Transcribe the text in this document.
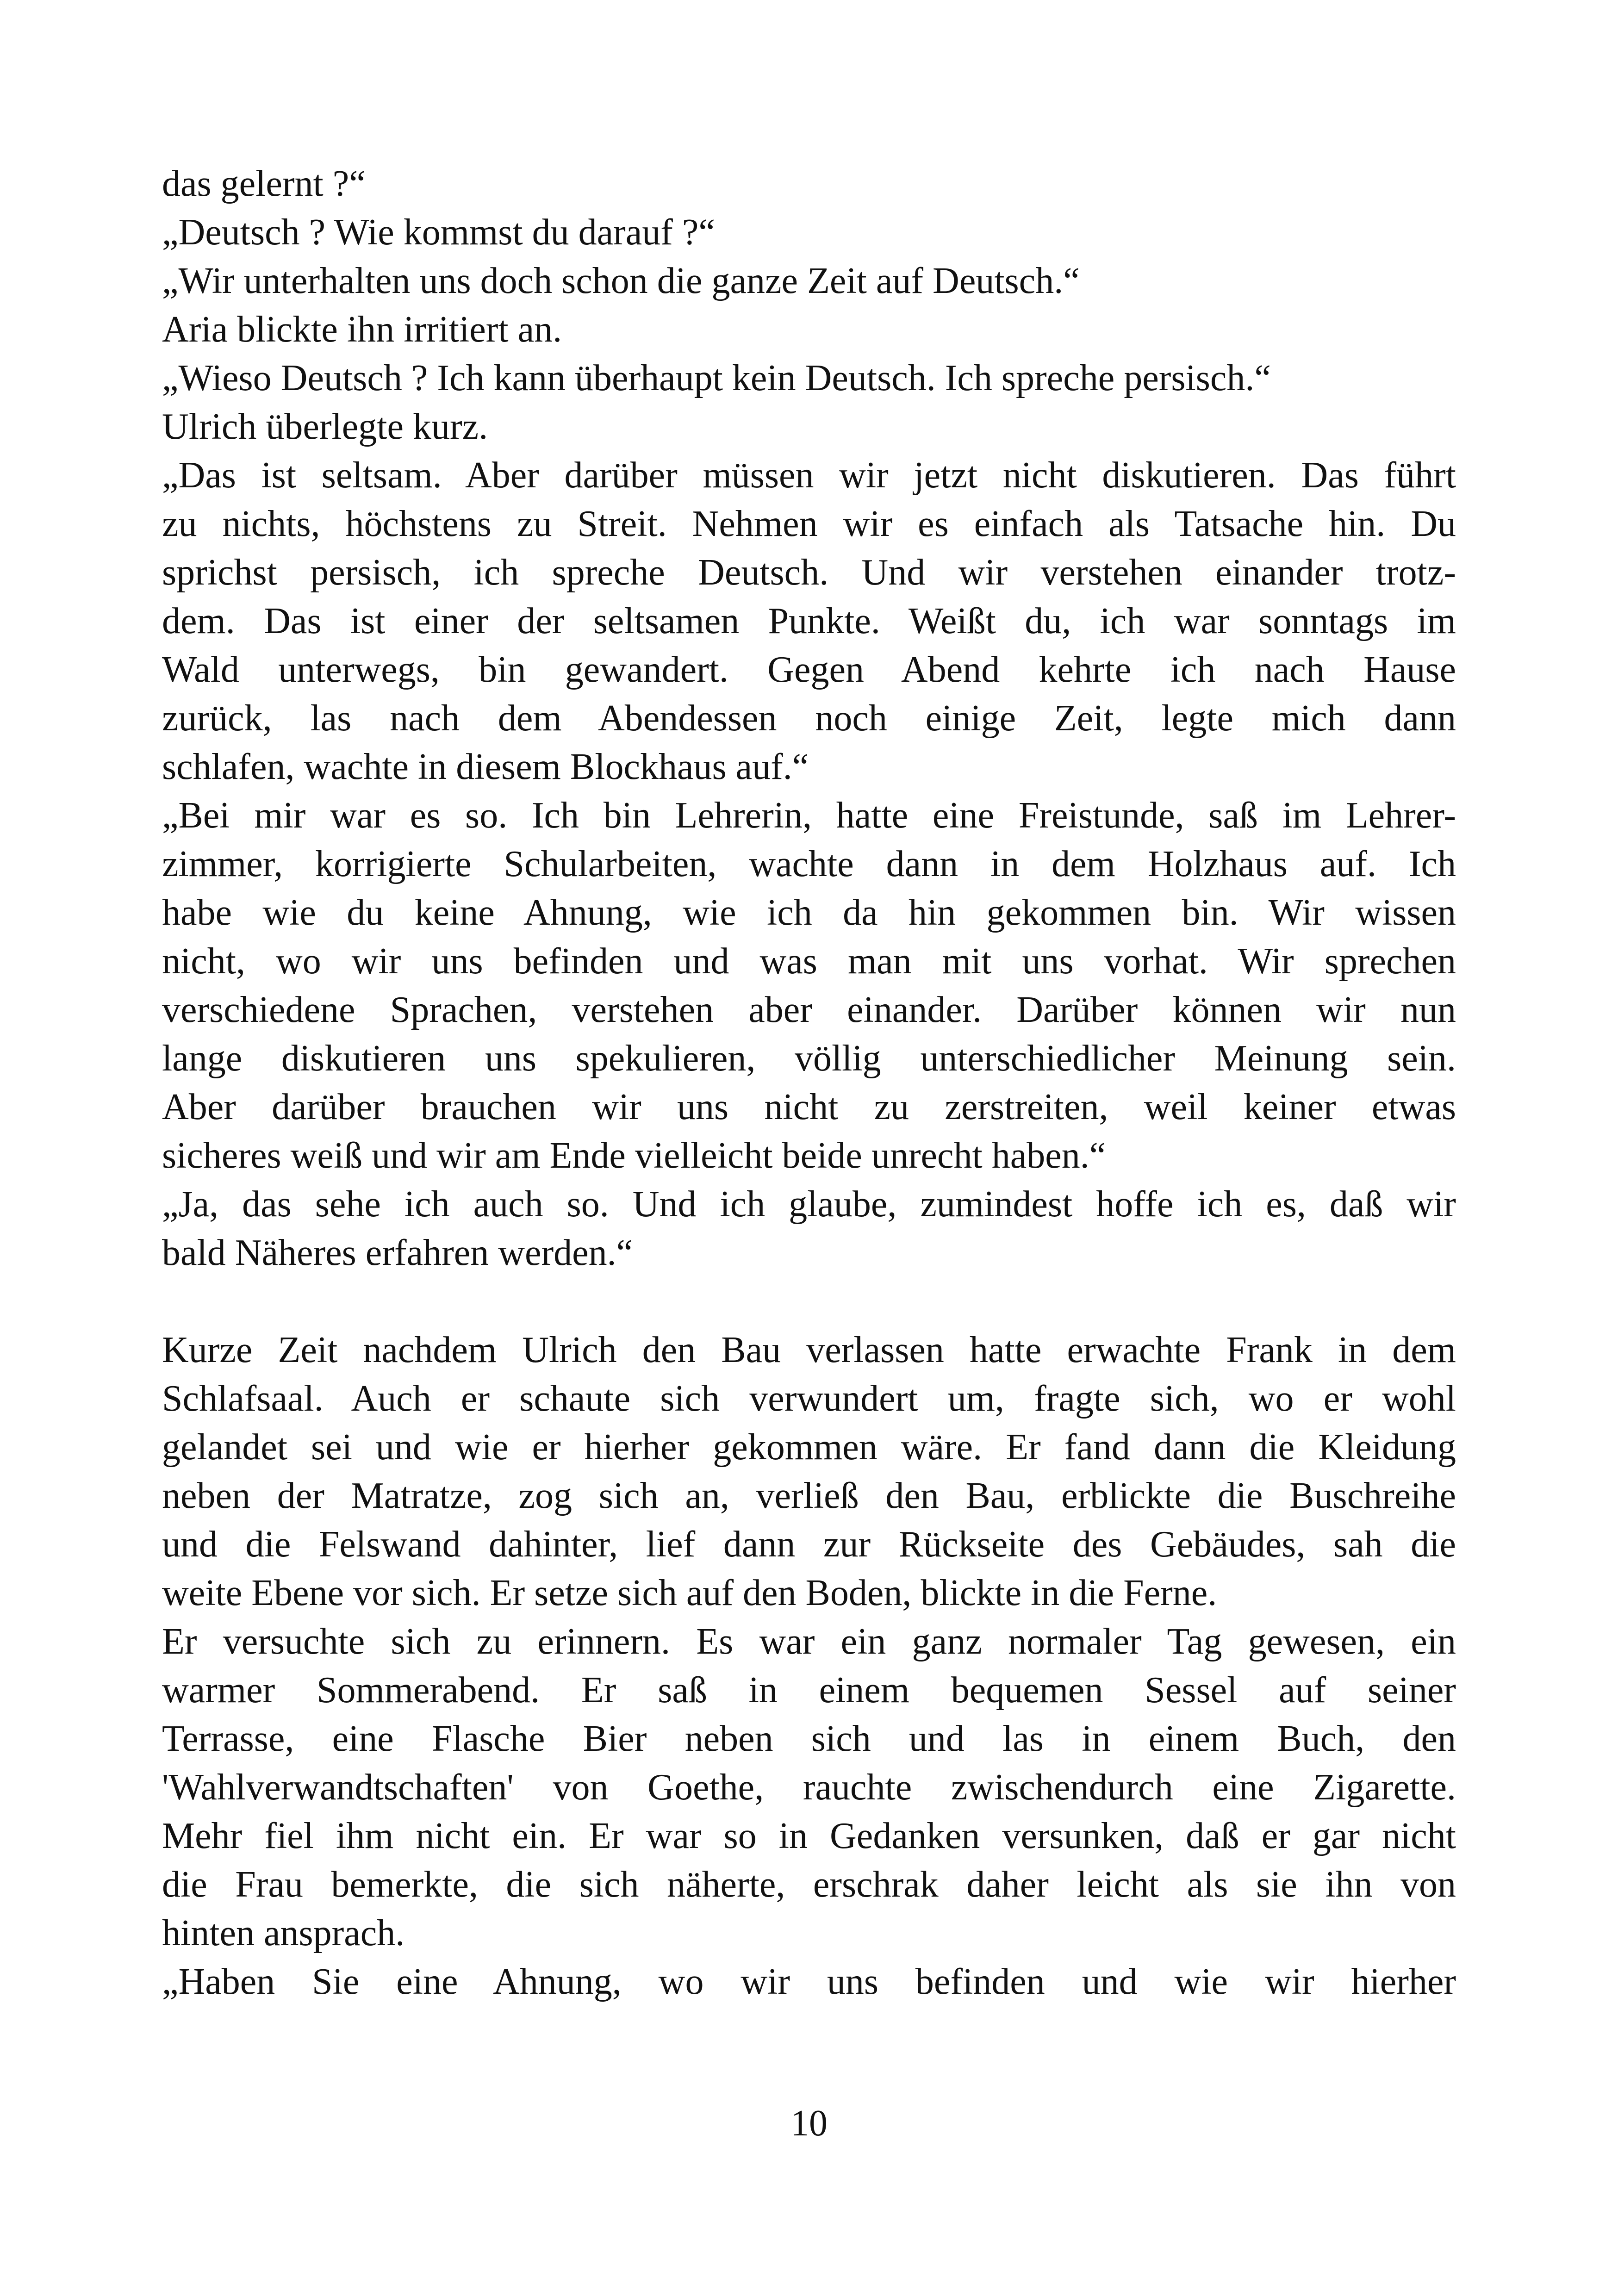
das gelernt ?“
„Deutsch ? Wie kommst du darauf ?“
„Wir unterhalten uns doch schon die ganze Zeit auf Deutsch.“
Aria blickte ihn irritiert an.
„Wieso Deutsch ? Ich kann überhaupt kein Deutsch. Ich spreche persisch.“
Ulrich überlegte kurz.
„Das ist seltsam. Aber darüber müssen wir jetzt nicht diskutieren. Das führt
zu nichts, höchstens zu Streit. Nehmen wir es einfach als Tatsache hin. Du
sprichst persisch, ich spreche Deutsch. Und wir verstehen einander trotz-
dem. Das ist einer der seltsamen Punkte. Weißt du, ich war sonntags im
Wald unterwegs, bin gewandert. Gegen Abend kehrte ich nach Hause
zurück, las nach dem Abendessen noch einige Zeit, legte mich dann
schlafen, wachte in diesem Blockhaus auf.“
„Bei mir war es so. Ich bin Lehrerin, hatte eine Freistunde, saß im Lehrer-
zimmer, korrigierte Schularbeiten, wachte dann in dem Holzhaus auf. Ich
habe wie du keine Ahnung, wie ich da hin gekommen bin. Wir wissen
nicht, wo wir uns befinden und was man mit uns vorhat. Wir sprechen
verschiedene Sprachen, verstehen aber einander. Darüber können wir nun
lange diskutieren uns spekulieren, völlig unterschiedlicher Meinung sein.
Aber darüber brauchen wir uns nicht zu zerstreiten, weil keiner etwas
sicheres weiß und wir am Ende vielleicht beide unrecht haben.“
„Ja, das sehe ich auch so. Und ich glaube, zumindest hoffe ich es, daß wir
bald Näheres erfahren werden.“
Kurze Zeit nachdem Ulrich den Bau verlassen hatte erwachte Frank in dem
Schlafsaal. Auch er schaute sich verwundert um, fragte sich, wo er wohl
gelandet sei und wie er hierher gekommen wäre. Er fand dann die Kleidung
neben der Matratze, zog sich an, verließ den Bau, erblickte die Buschreihe
und die Felswand dahinter, lief dann zur Rückseite des Gebäudes, sah die
weite Ebene vor sich. Er setze sich auf den Boden, blickte in die Ferne.
Er versuchte sich zu erinnern. Es war ein ganz normaler Tag gewesen, ein
warmer Sommerabend. Er saß in einem bequemen Sessel auf seiner
Terrasse, eine Flasche Bier neben sich und las in einem Buch, den
'Wahlverwandtschaften' von Goethe, rauchte zwischendurch eine Zigarette.
Mehr fiel ihm nicht ein. Er war so in Gedanken versunken, daß er gar nicht
die Frau bemerkte, die sich näherte, erschrak daher leicht als sie ihn von
hinten ansprach.
„Haben Sie eine Ahnung, wo wir uns befinden und wie wir hierher
10
